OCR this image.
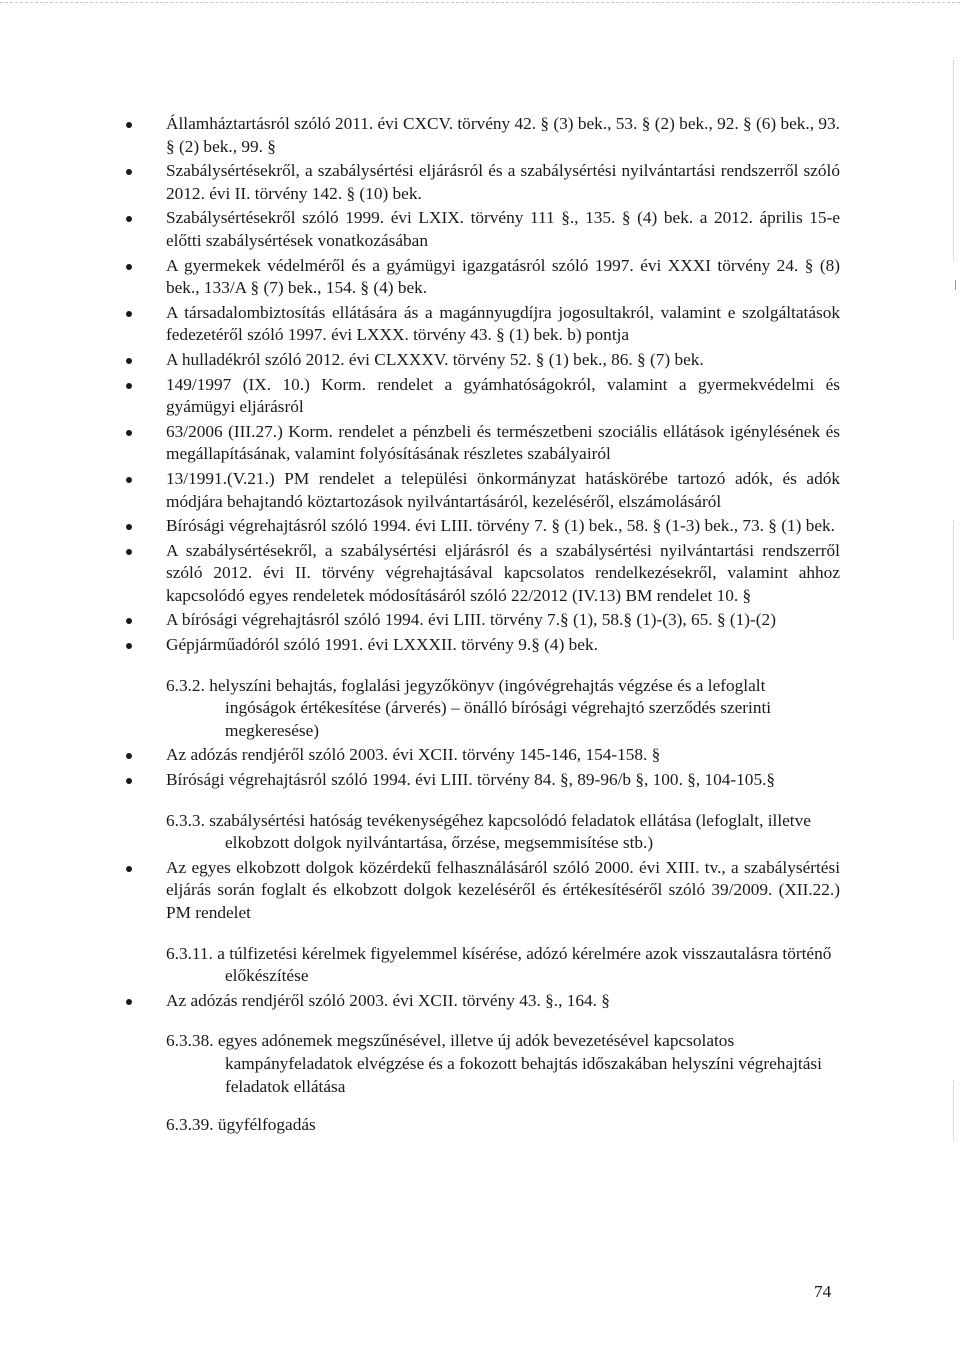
Államháztartásról szóló 2011. évi CXCV. törvény 42. § (3) bek., 53. § (2) bek., 92. § (6) bek., 93. § (2) bek., 99. §
Szabálysértésekről, a szabálysértési eljárásról és a szabálysértési nyilvántartási rendszerről szóló 2012. évi II. törvény 142. § (10) bek.
Szabálysértésekről szóló 1999. évi LXIX. törvény 111 §., 135. § (4) bek. a 2012. április 15-e előtti szabálysértések vonatkozásában
A gyermekek védelméről és a gyámügyi igazgatásról szóló 1997. évi XXXI törvény 24. § (8) bek., 133/A § (7) bek., 154. § (4) bek.
A társadalombiztosítás ellátására ás a magánnyugdíjra jogosultakról, valamint e szolgáltatások fedezetéről szóló 1997. évi LXXX. törvény 43. § (1) bek. b) pontja
A hulladékról szóló 2012. évi CLXXXV. törvény 52. § (1) bek., 86. § (7) bek.
149/1997 (IX. 10.) Korm. rendelet a gyámhatóságokról, valamint a gyermekvédelmi és gyámügyi eljárásról
63/2006 (III.27.) Korm. rendelet a pénzbeli és természetbeni szociális ellátások igénylésének és megállapításának, valamint folyósításának részletes szabályairól
13/1991.(V.21.) PM rendelet a települési önkormányzat hatáskörébe tartozó adók, és adók módjára behajtandó köztartozások nyilvántartásáról, kezeléséről, elszámolásáról
Bírósági végrehajtásról szóló 1994. évi LIII. törvény 7. § (1) bek., 58. § (1-3) bek., 73. § (1) bek.
A szabálysértésekről, a szabálysértési eljárásról és a szabálysértési nyilvántartási rendszerről szóló 2012. évi II. törvény végrehajtásával kapcsolatos rendelkezésekről, valamint ahhoz kapcsolódó egyes rendeletek módosításáról szóló 22/2012 (IV.13) BM rendelet 10. §
A bírósági végrehajtásról szóló 1994. évi LIII. törvény 7.§ (1), 58.§ (1)-(3), 65. § (1)-(2)
Gépjárműadóról szóló 1991. évi LXXXII. törvény 9.§ (4) bek.
6.3.2. helyszíni behajtás, foglalási jegyzőkönyv (ingóvégrehajtás végzése és a lefoglalt ingóságok értékesítése (árverés) – önálló bírósági végrehajtó szerződés szerinti megkeresése)
Az adózás rendjéről szóló 2003. évi XCII. törvény 145-146, 154-158. §
Bírósági végrehajtásról szóló 1994. évi LIII. törvény 84. §, 89-96/b §, 100. §, 104-105.§
6.3.3. szabálysértési hatóság tevékenységéhez kapcsolódó feladatok ellátása (lefoglalt, illetve elkobzott dolgok nyilvántartása, őrzése, megsemmisítése stb.)
Az egyes elkobzott dolgok közérdekű felhasználásáról szóló 2000. évi XIII. tv., a szabálysértési eljárás során foglalt és elkobzott dolgok kezeléséről és értékesítéséről szóló 39/2009. (XII.22.) PM rendelet
6.3.11. a túlfizetési kérelmek figyelemmel kísérése, adózó kérelmére azok visszautalásra történő előkészítése
Az adózás rendjéről szóló 2003. évi XCII. törvény 43. §., 164. §
6.3.38. egyes adónemek megszűnésével, illetve új adók bevezetésével kapcsolatos kampányfeladatok elvégzése és a fokozott behajtás időszakában helyszíni végrehajtási feladatok ellátása
6.3.39. ügyfélfogadás
74
